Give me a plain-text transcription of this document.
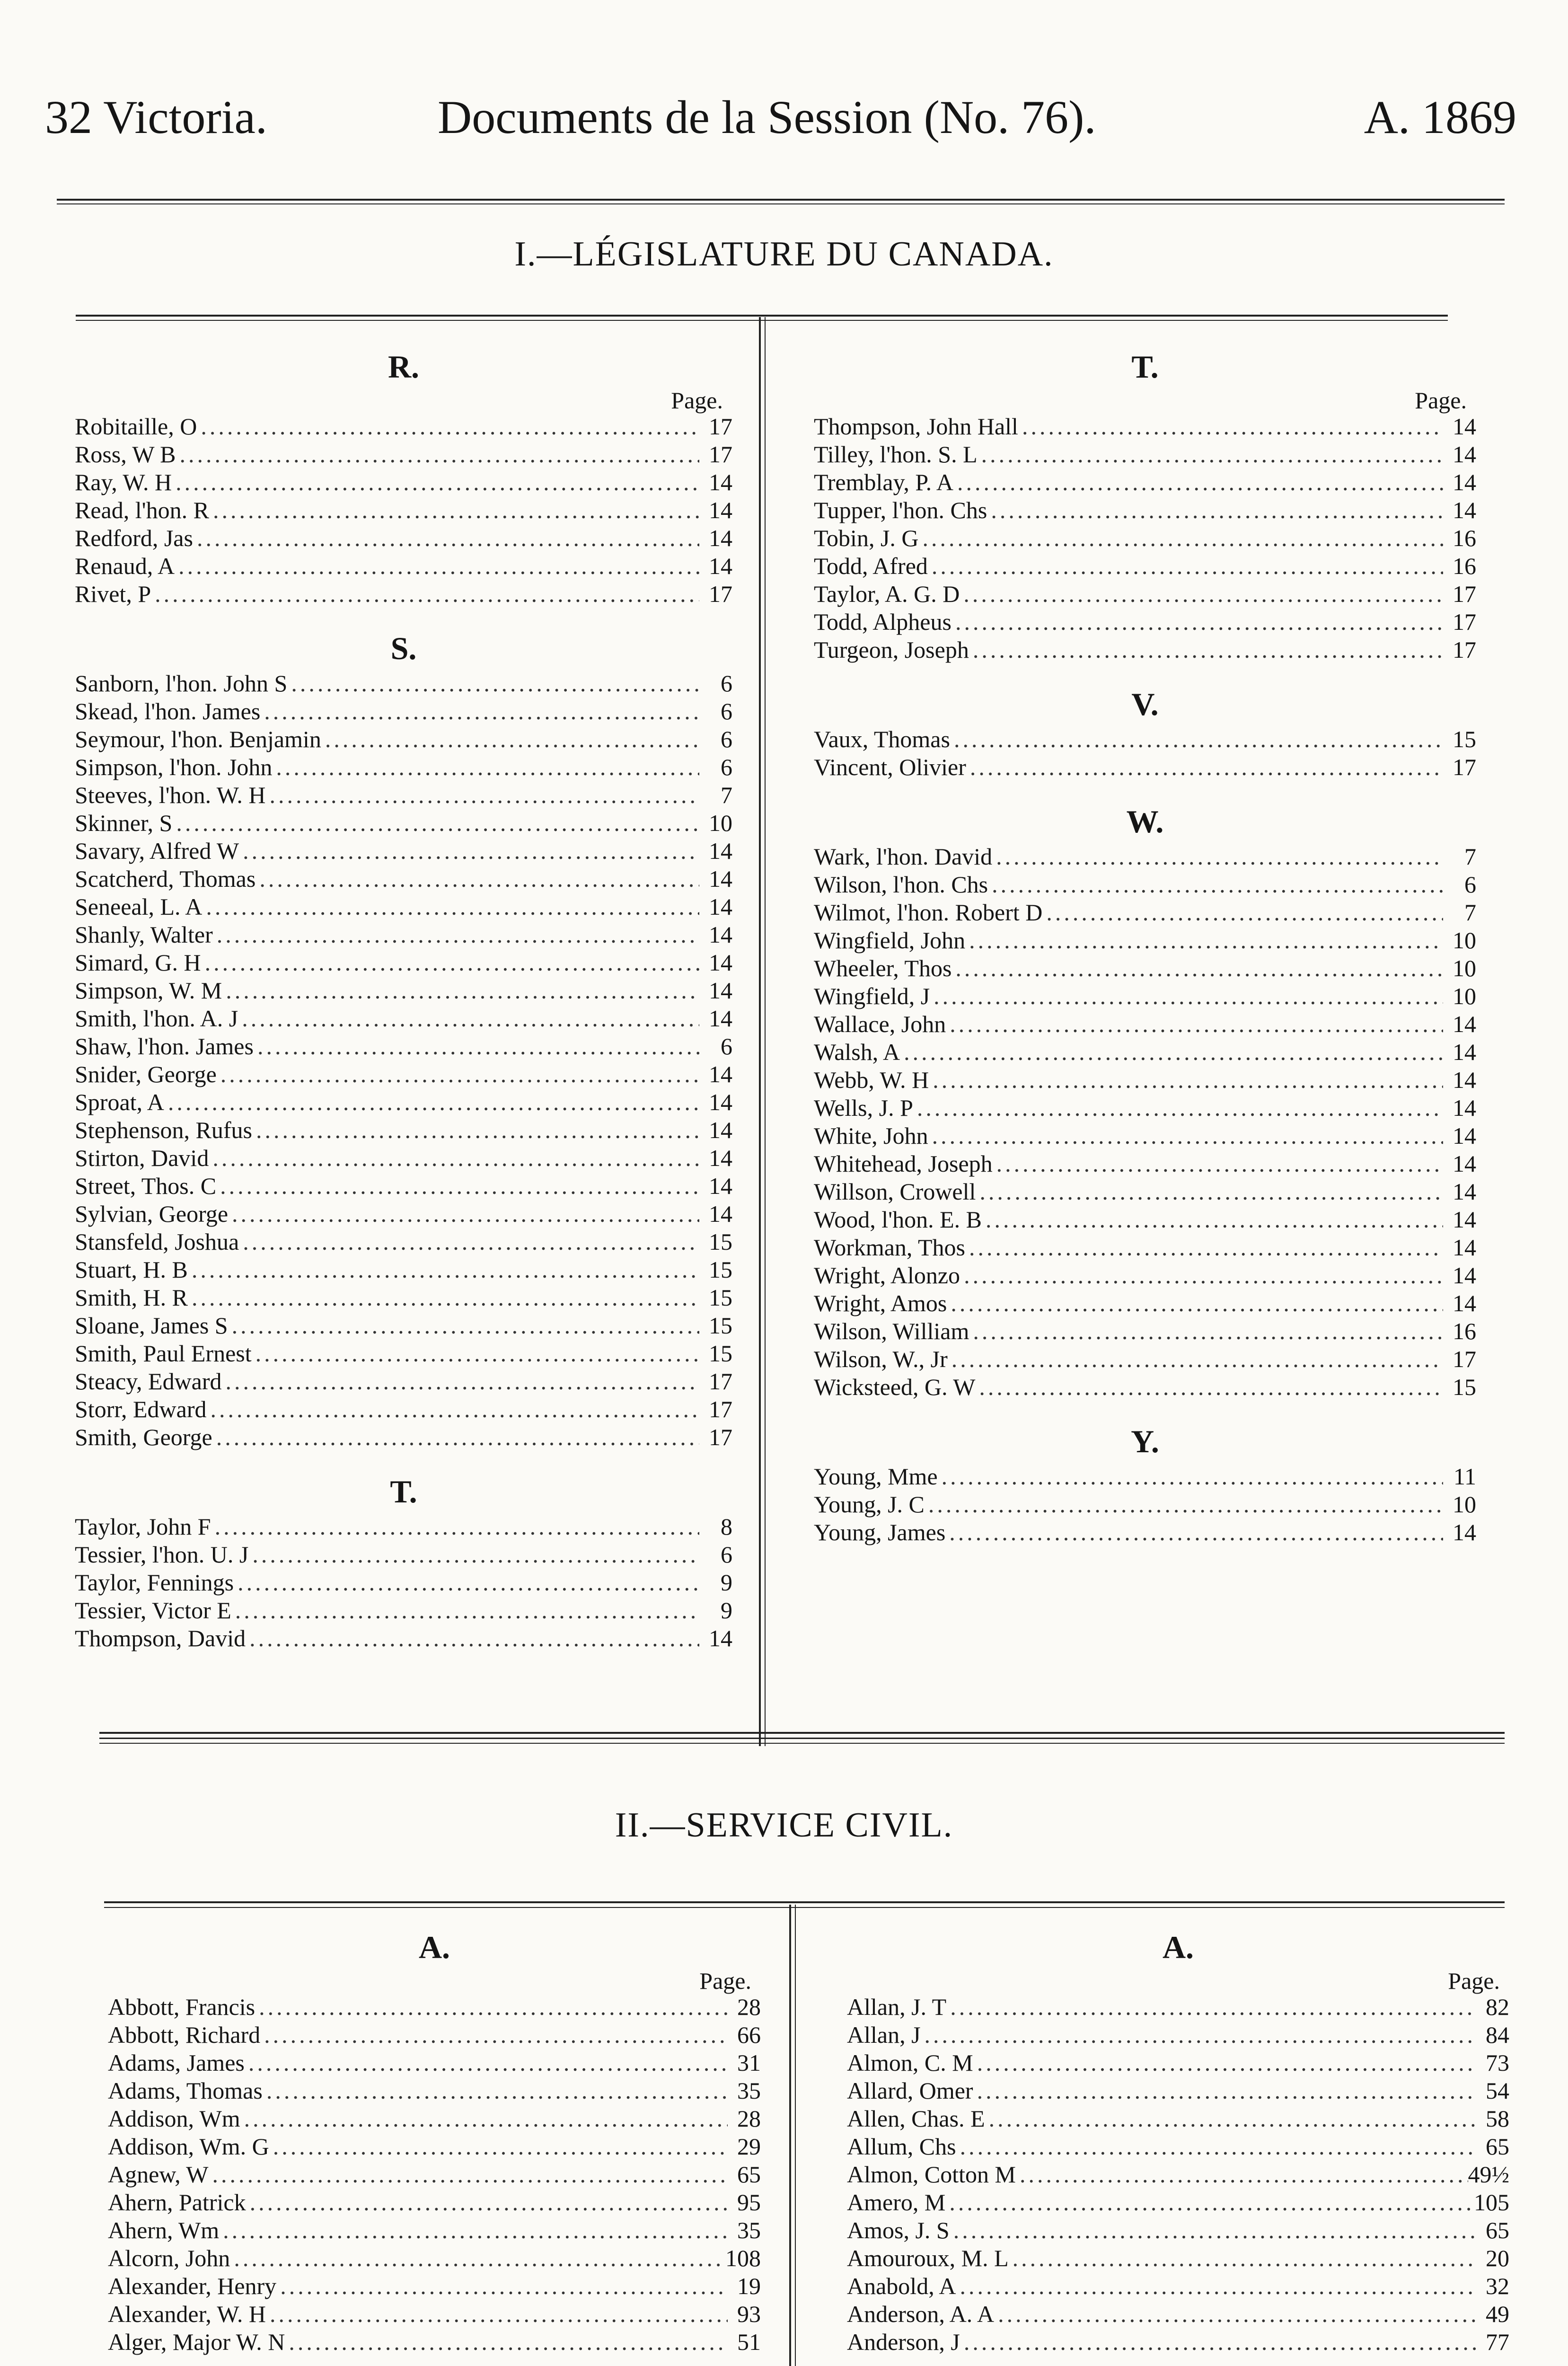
32 Victoria.	Documents de la Session (No. 76).	A. 1869
I.—LÉGISLATURE DU CANADA.
R.
Page.
Robitaille, O .....	17
Ross, W B .....	17
Ray, W. H .....	14
Read, l'hon. R .....	14
Redford, Jas .....	14
Renaud, A .....	14
Rivet, P .....	17
S.
Sanborn, l'hon. John S .....	6
Skead, l'hon. James .....	6
Seymour, l'hon. Benjamin .....	6
Simpson, l'hon. John .....	6
Steeves, l'hon. W. H .....	7
Skinner, S .....	10
Savary, Alfred W .....	14
Scatcherd, Thomas .....	14
Seneeal, L. A .....	14
Shanly, Walter .....	14
Simard, G. H .....	14
Simpson, W. M .....	14
Smith, l'hon. A. J .....	14
Shaw, l'hon. James .....	6
Snider, George .....	14
Sproat, A .....	14
Stephenson, Rufus .....	14
Stirton, David .....	14
Street, Thos. C .....	14
Sylvian, George .....	14
Stansfeld, Joshua .....	15
Stuart, H. B .....	15
Smith, H. R .....	15
Sloane, James S .....	15
Smith, Paul Ernest .....	15
Steacy, Edward .....	17
Storr, Edward .....	17
Smith, George .....	17
T.
Taylor, John F .....	8
Tessier, l'hon. U. J .....	6
Taylor, Fennings .....	9
Tessier, Victor E .....	9
Thompson, David .....	14
T.
Page.
Thompson, John Hall .....	14
Tilley, l'hon. S. L .....	14
Tremblay, P. A .....	14
Tupper, l'hon. Chs .....	14
Tobin, J. G .....	16
Todd, Afred .....	16
Taylor, A. G. D .....	17
Todd, Alpheus .....	17
Turgeon, Joseph .....	17
V.
Vaux, Thomas .....	15
Vincent, Olivier .....	17
W.
Wark, l'hon. David .....	7
Wilson, l'hon. Chs .....	6
Wilmot, l'hon. Robert D .....	7
Wingfield, John .....	10
Wheeler, Thos .....	10
Wingfield, J .....	10
Wallace, John .....	14
Walsh, A .....	14
Webb, W. H .....	14
Wells, J. P .....	14
White, John .....	14
Whitehead, Joseph .....	14
Willson, Crowell .....	14
Wood, l'hon. E. B .....	14
Workman, Thos .....	14
Wright, Alonzo .....	14
Wright, Amos .....	14
Wilson, William .....	16
Wilson, W., Jr .....	17
Wicksteed, G. W .....	15
Y.
Young, Mme .....	11
Young, J. C .....	10
Young, James .....	14
II.—SERVICE CIVIL.
A.
Page.
Abbott, Francis .....	28
Abbott, Richard .....	66
Adams, James .....	31
Adams, Thomas .....	35
Addison, Wm .....	28
Addison, Wm. G .....	29
Agnew, W .....	65
Ahern, Patrick .....	95
Ahern, Wm .....	35
Alcorn, John .....	108
Alexander, Henry .....	19
Alexander, W. H .....	93
Alger, Major W. N .....	51
A.
Page.
Allan, J. T .....	82
Allan, J .....	84
Almon, C. M .....	73
Allard, Omer .....	54
Allen, Chas. E .....	58
Allum, Chs .....	65
Almon, Cotton M .....	49½
Amero, M .....	105
Amos, J. S .....	65
Amouroux, M. L .....	20
Anabold, A .....	32
Anderson, A. A .....	49
Anderson, J .....	77
